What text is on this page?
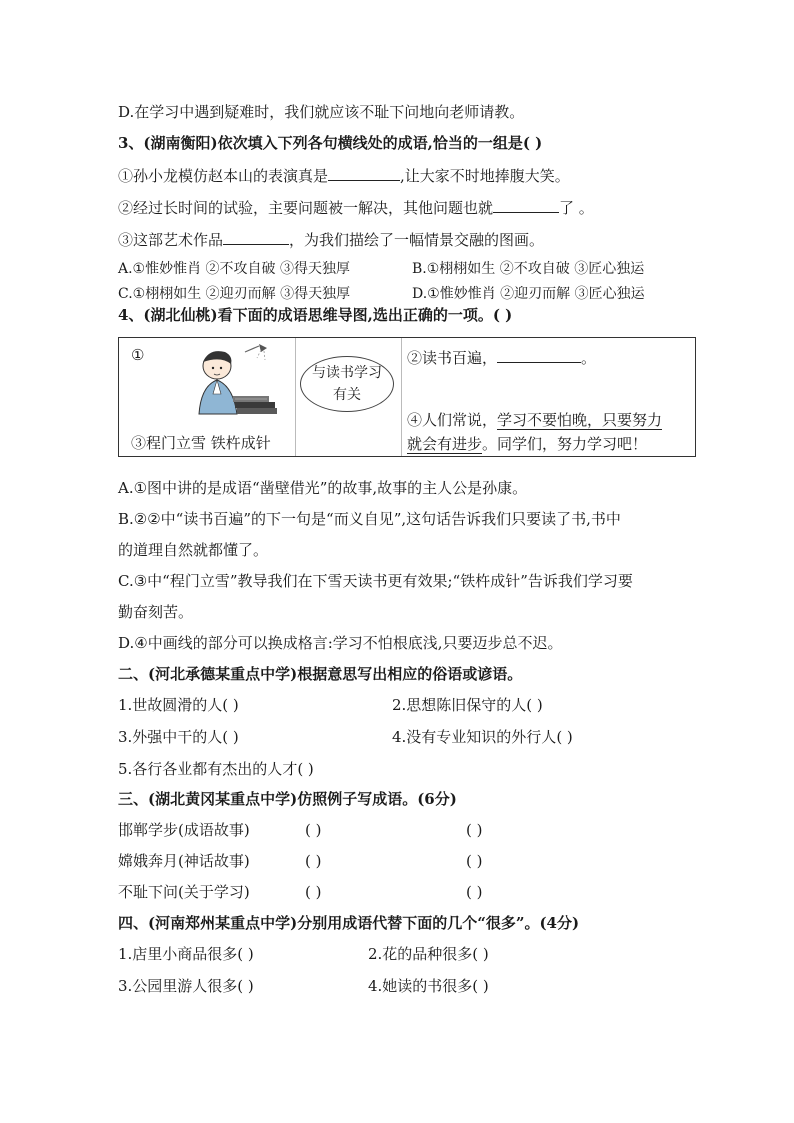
D.在学习中遇到疑难时，我们就应该不耻下问地向老师请教。
3、(湖南衡阳)依次填入下列各句横线处的成语,恰当的一组是( )
①孙小龙模仿赵本山的表演真是	,让大家不时地捧腹大笑。
②经过长时间的试验，主要问题被一解决，其他问题也就	了 。
③这部艺术作品	，为我们描绘了一幅情景交融的图画。
A.①惟妙惟肖 ②不攻自破 ③得天独厚	B.①栩栩如生 ②不攻自破 ③匠心独运
C.①栩栩如生 ②迎刃而解 ③得天独厚	D.①惟妙惟肖 ②迎刃而解 ③匠心独运
4、(湖北仙桃)看下面的成语思维导图,选出正确的一项。( )
①
与读书学习
有关
②读书百遍，	。
③程门立雪 铁杵成针
④人们常说，学习不要怕晚，只要努力
就会有进步。同学们，努力学习吧！
A.①图中讲的是成语“凿壁借光”的故事,故事的主人公是孙康。
B.②②中“读书百遍”的下一句是“而义自见”,这句话告诉我们只要读了书,书中
的道理自然就都懂了。
C.③中“程门立雪”教导我们在下雪天读书更有效果;“铁杵成针”告诉我们学习要
勤奋刻苦。
D.④中画线的部分可以换成格言:学习不怕根底浅,只要迈步总不迟。
二、(河北承德某重点中学)根据意思写出相应的俗语或谚语。
1.世故圆滑的人( )	2.思想陈旧保守的人( )
3.外强中干的人( )	4.没有专业知识的外行人( )
5.各行各业都有杰出的人才( )
三、(湖北黄冈某重点中学)仿照例子写成语。(6分)
邯郸学步(成语故事)	( )	( )
嫦娥奔月(神话故事)	( )	( )
不耻下问(关于学习)	( )	( )
四、(河南郑州某重点中学)分别用成语代替下面的几个“很多”。(4分)
1.店里小商品很多( )	2.花的品种很多( )
3.公园里游人很多( )	4.她读的书很多( )
